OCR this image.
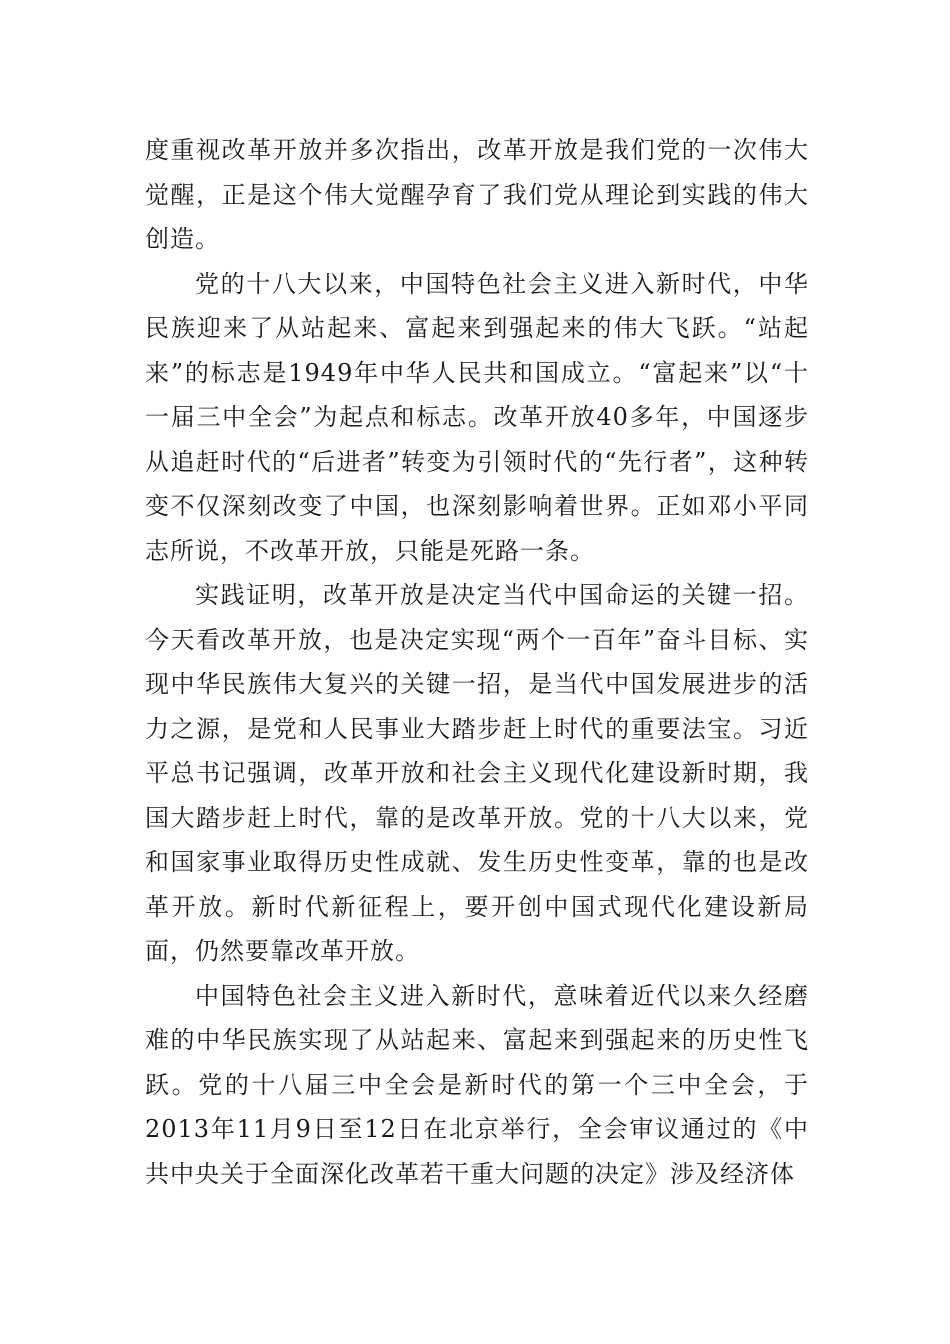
度重视改革开放并多次指出，改革开放是我们党的一次伟大觉醒，正是这个伟大觉醒孕育了我们党从理论到实践的伟大创造。

党的十八大以来，中国特色社会主义进入新时代，中华民族迎来了从站起来、富起来到强起来的伟大飞跃。“站起来”的标志是1949年中华人民共和国成立。“富起来”以“十一届三中全会”为起点和标志。改革开放40多年，中国逐步从追赶时代的“后进者”转变为引领时代的“先行者”，这种转变不仅深刻改变了中国，也深刻影响着世界。正如邓小平同志所说，不改革开放，只能是死路一条。

实践证明，改革开放是决定当代中国命运的关键一招。今天看改革开放，也是决定实现“两个一百年”奋斗目标、实现中华民族伟大复兴的关键一招，是当代中国发展进步的活力之源，是党和人民事业大踏步赶上时代的重要法宝。习近平总书记强调，改革开放和社会主义现代化建设新时期，我国大踏步赶上时代，靠的是改革开放。党的十八大以来，党和国家事业取得历史性成就、发生历史性变革，靠的也是改革开放。新时代新征程上，要开创中国式现代化建设新局面，仍然要靠改革开放。

中国特色社会主义进入新时代，意味着近代以来久经磨难的中华民族实现了从站起来、富起来到强起来的历史性飞跃。党的十八届三中全会是新时代的第一个三中全会，于2013年11月9日至12日在北京举行，全会审议通过的《中共中央关于全面深化改革若干重大问题的决定》涉及经济体
